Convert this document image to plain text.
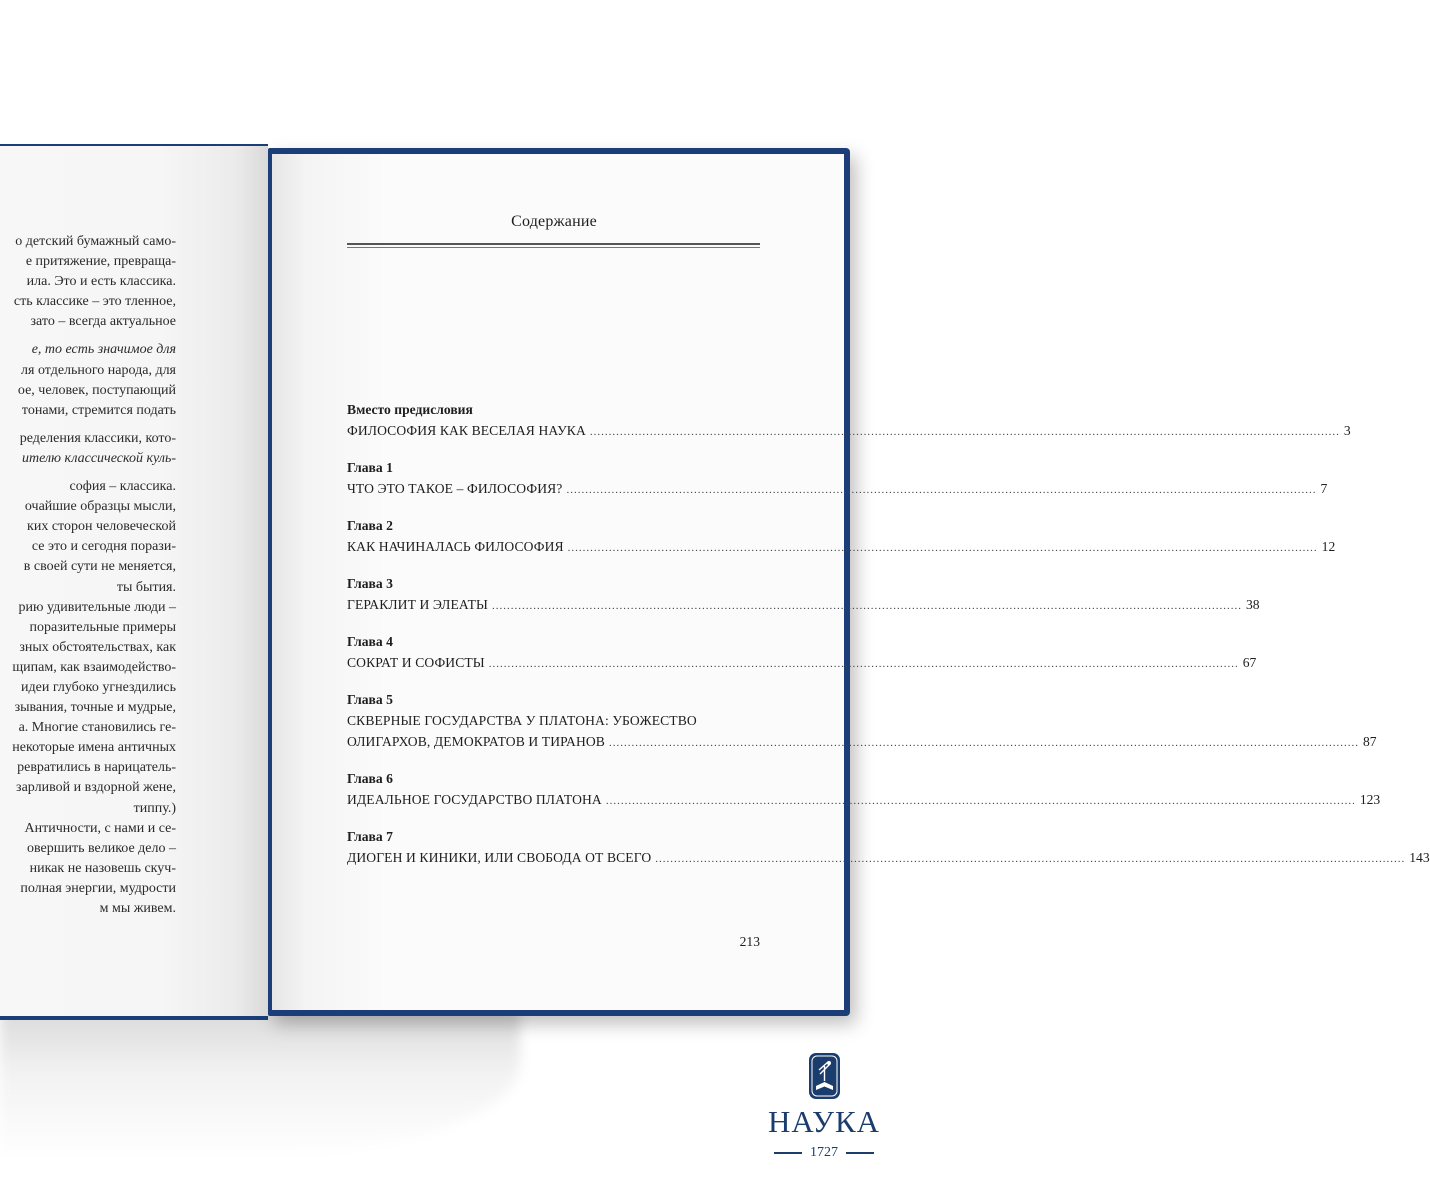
о детский бумажный само-
е притяжение, превраща-
ила. Это и есть классика.
сть классике – это тленное,
зато – всегда актуальное

е, то есть значимое для
ля отдельного народа, для
ое, человек, поступающий
тонами, стремится подать

ределения классики, кото-
ителю классической куль-

софия – классика.
очайшие образцы мысли,
ких сторон человеческой
се это и сегодня порази-
в своей сути не меняется,
ты бытия.
рию удивительные люди –
поразительные примеры
зных обстоятельствах, как
щипам, как взаимодейство-
идеи глубоко угнездились
зывания, точные и мудрые,
а. Многие становились ге-
некоторые имена античных
ревратились в нарицатель-
зарливой и вздорной жене,
типпу.)
Античности, с нами и се-
овершить великое дело –
никак не назовешь скуч-
полная энергии, мудрости
м мы живем.
Содержание
Вместо предисловия
ФИЛОСОФИЯ КАК ВЕСЕЛАЯ НАУКА ........................................................................................................................................................................................................ 3
Глава 1
ЧТО ЭТО ТАКОЕ – ФИЛОСОФИЯ? ........................................................................................................................................................................................................ 7
Глава 2
КАК НАЧИНАЛАСЬ ФИЛОСОФИЯ ........................................................................................................................................................................................................ 12
Глава 3
ГЕРАКЛИТ И ЭЛЕАТЫ ........................................................................................................................................................................................................ 38
Глава 4
СОКРАТ И СОФИСТЫ ........................................................................................................................................................................................................ 67
Глава 5
СКВЕРНЫЕ ГОСУДАРСТВА У ПЛАТОНА: УБОЖЕСТВО
ОЛИГАРХОВ, ДЕМОКРАТОВ И ТИРАНОВ ........................................................................................................................................................................................................ 87
Глава 6
ИДЕАЛЬНОЕ ГОСУДАРСТВО ПЛАТОНА ........................................................................................................................................................................................................ 123
Глава 7
ДИОГЕН И КИНИКИ, ИЛИ СВОБОДА ОТ ВСЕГО ........................................................................................................................................................................................................ 143
213
НАУКА
1727
